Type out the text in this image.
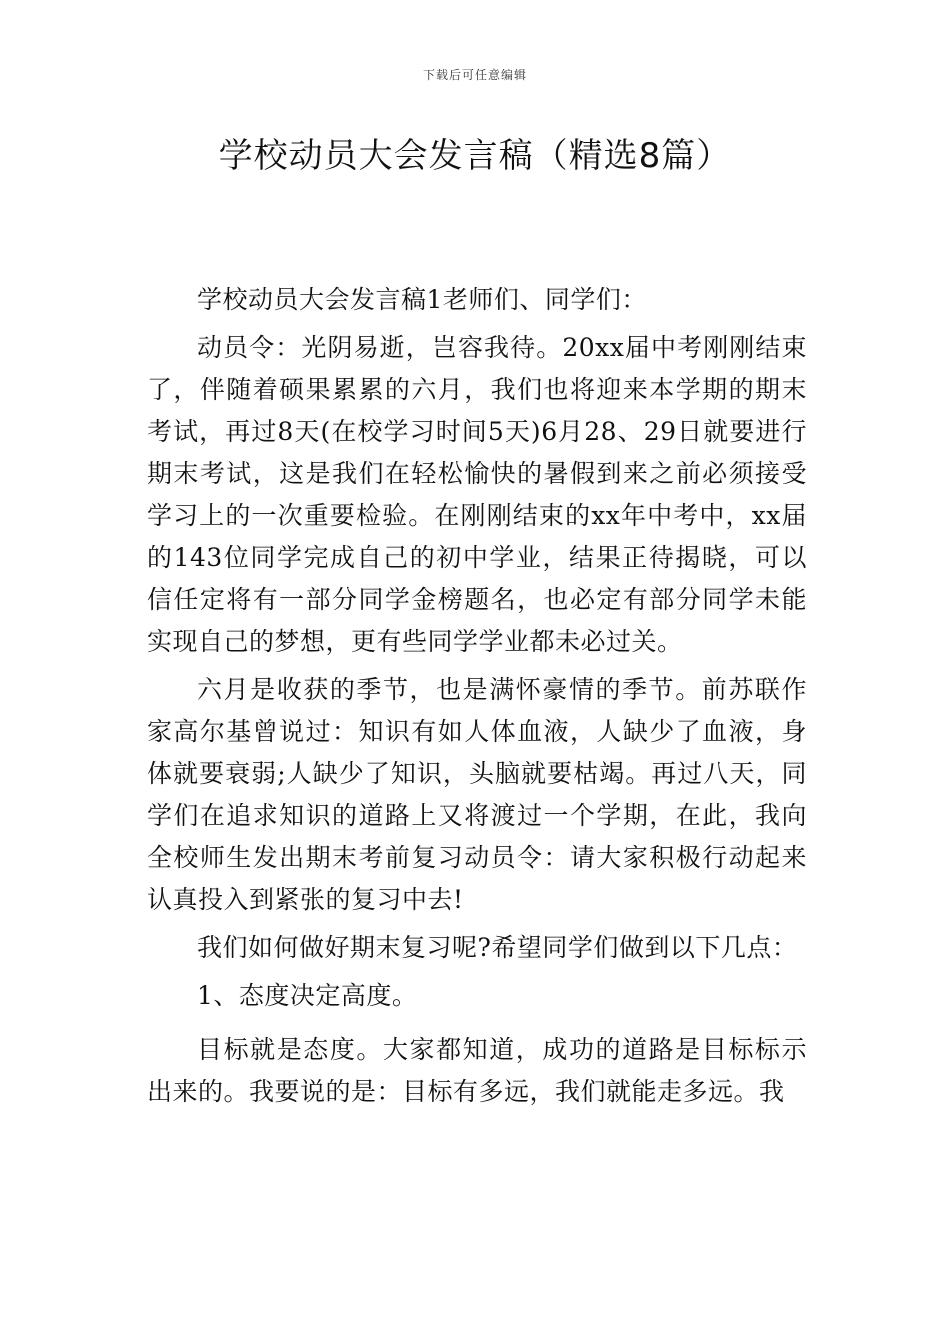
下载后可任意编辑
学校动员大会发言稿（精选8篇）

学校动员大会发言稿1老师们、同学们：

动员令：光阴易逝，岂容我待。20xx届中考刚刚结束了，伴随着硕果累累的六月，我们也将迎来本学期的期末考试，再过8天(在校学习时间5天)6月28、29日就要进行期末考试，这是我们在轻松愉快的暑假到来之前必须接受学习上的一次重要检验。在刚刚结束的xx年中考中，xx届的143位同学完成自己的初中学业，结果正待揭晓，可以信任定将有一部分同学金榜题名，也必定有部分同学未能实现自己的梦想，更有些同学学业都未必过关。

六月是收获的季节，也是满怀豪情的季节。前苏联作家高尔基曾说过：知识有如人体血液，人缺少了血液，身体就要衰弱;人缺少了知识，头脑就要枯竭。再过八天，同学们在追求知识的道路上又将渡过一个学期，在此，我向全校师生发出期末考前复习动员令：请大家积极行动起来认真投入到紧张的复习中去!

我们如何做好期末复习呢?希望同学们做到以下几点：

1、态度决定高度。

目标就是态度。大家都知道，成功的道路是目标标示出来的。我要说的是：目标有多远，我们就能走多远。我
